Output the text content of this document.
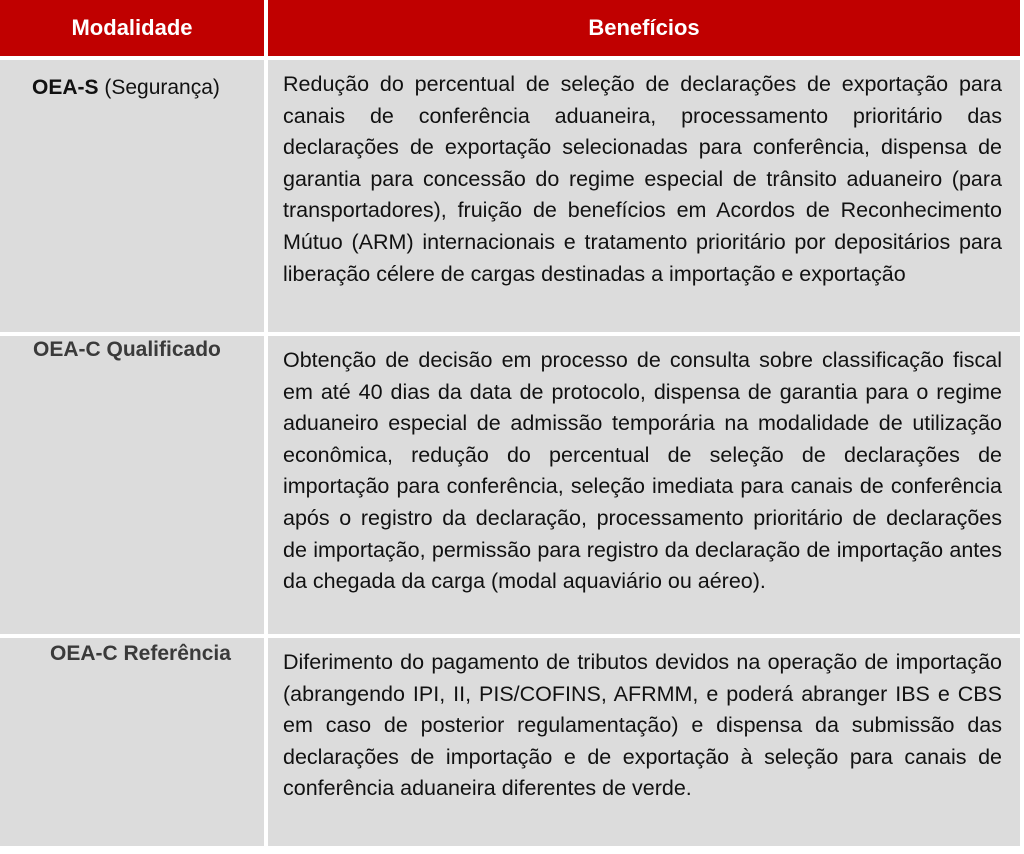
Modalidade	Benefícios
OEA-S (Segurança)	Redução do percentual de seleção de declarações de exportação para canais de conferência aduaneira, processamento prioritário das declarações de exportação selecionadas para conferência, dispensa de garantia para concessão do regime especial de trânsito aduaneiro (para transportadores), fruição de benefícios em Acordos de Reconhecimento Mútuo (ARM) internacionais e tratamento prioritário por depositários para liberação célere de cargas destinadas a importação e exportação
OEA-C Qualificado	Obtenção de decisão em processo de consulta sobre classificação fiscal em até 40 dias da data de protocolo, dispensa de garantia para o regime aduaneiro especial de admissão temporária na modalidade de utilização econômica, redução do percentual de seleção de declarações de importação para conferência, seleção imediata para canais de conferência após o registro da declaração, processamento prioritário de declarações de importação, permissão para registro da declaração de importação antes da chegada da carga (modal aquaviário ou aéreo).
OEA-C Referência	Diferimento do pagamento de tributos devidos na operação de importação (abrangendo IPI, II, PIS/COFINS, AFRMM, e poderá abranger IBS e CBS em caso de posterior regulamentação) e dispensa da submissão das declarações de importação e de exportação à seleção para canais de conferência aduaneira diferentes de verde.
